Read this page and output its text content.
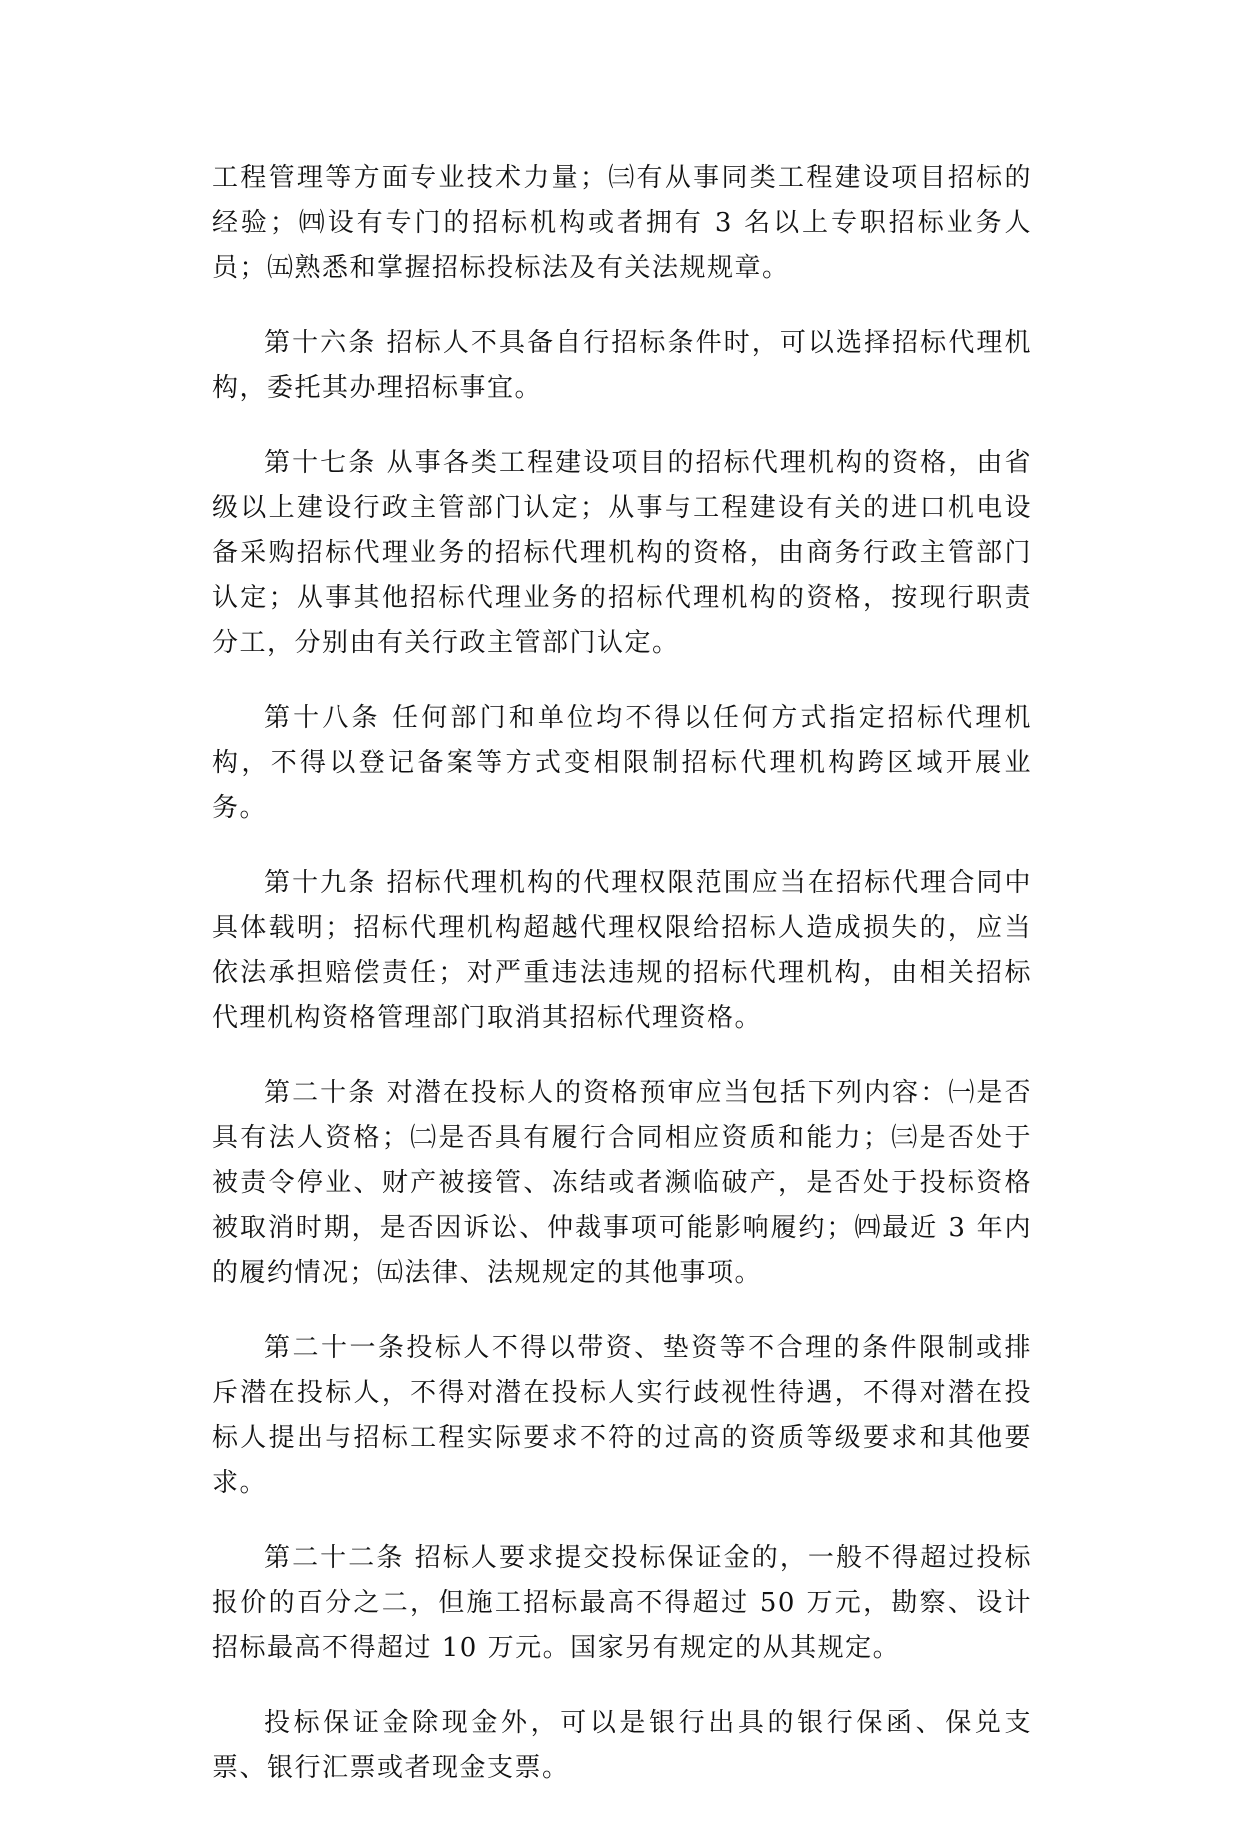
工程管理等方面专业技术力量；㈢有从事同类工程建设项目招标的经验；㈣设有专门的招标机构或者拥有 3 名以上专职招标业务人员；㈤熟悉和掌握招标投标法及有关法规规章。

第十六条 招标人不具备自行招标条件时，可以选择招标代理机构，委托其办理招标事宜。

第十七条 从事各类工程建设项目的招标代理机构的资格，由省级以上建设行政主管部门认定；从事与工程建设有关的进口机电设备采购招标代理业务的招标代理机构的资格，由商务行政主管部门认定；从事其他招标代理业务的招标代理机构的资格，按现行职责分工，分别由有关行政主管部门认定。

第十八条 任何部门和单位均不得以任何方式指定招标代理机构，不得以登记备案等方式变相限制招标代理机构跨区域开展业务。

第十九条 招标代理机构的代理权限范围应当在招标代理合同中具体载明；招标代理机构超越代理权限给招标人造成损失的，应当依法承担赔偿责任；对严重违法违规的招标代理机构，由相关招标代理机构资格管理部门取消其招标代理资格。

第二十条 对潜在投标人的资格预审应当包括下列内容：㈠是否具有法人资格；㈡是否具有履行合同相应资质和能力；㈢是否处于被责令停业、财产被接管、冻结或者濒临破产，是否处于投标资格被取消时期，是否因诉讼、仲裁事项可能影响履约；㈣最近 3 年内的履约情况；㈤法律、法规规定的其他事项。

第二十一条投标人不得以带资、垫资等不合理的条件限制或排斥潜在投标人，不得对潜在投标人实行歧视性待遇，不得对潜在投标人提出与招标工程实际要求不符的过高的资质等级要求和其他要求。

第二十二条 招标人要求提交投标保证金的，一般不得超过投标报价的百分之二，但施工招标最高不得超过 50 万元，勘察、设计招标最高不得超过 10 万元。国家另有规定的从其规定。

投标保证金除现金外，可以是银行出具的银行保函、保兑支票、银行汇票或者现金支票。
